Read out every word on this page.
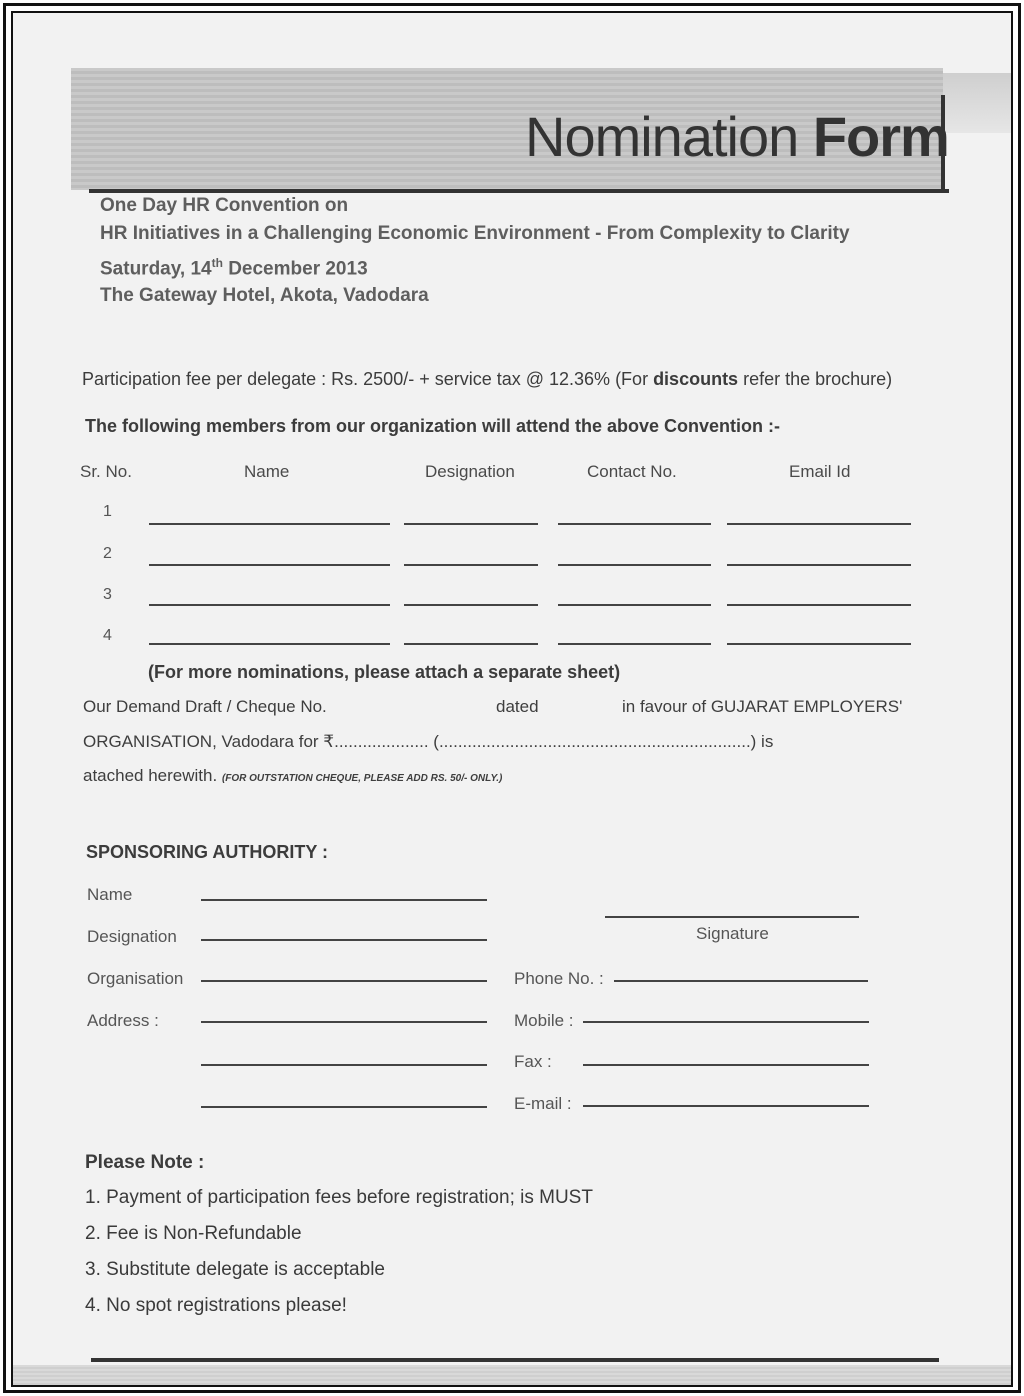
Nomination Form
One Day HR Convention on
HR Initiatives in a Challenging Economic Environment - From Complexity to Clarity
Saturday, 14th December 2013
The Gateway Hotel, Akota, Vadodara
Participation fee per delegate : Rs. 2500/- + service tax @ 12.36% (For discounts refer the brochure)
The following members from our organization will attend the above Convention :-
Sr. No.	Name	Designation	Contact No.	Email Id
1
2
3
4
(For more nominations, please attach a separate sheet)
Our Demand Draft / Cheque No.	dated	in favour of GUJARAT EMPLOYERS'
ORGANISATION, Vadodara for ₹.................... (..................................................................) is
atached herewith. (FOR OUTSTATION CHEQUE, PLEASE ADD RS. 50/- ONLY.)
SPONSORING AUTHORITY :
Name
Designation
Organisation
Address :
Signature
Phone No. :
Mobile :
Fax :
E-mail :
Please Note :
1. Payment of participation fees before registration; is MUST
2. Fee is Non-Refundable
3. Substitute delegate is acceptable
4. No spot registrations please!
